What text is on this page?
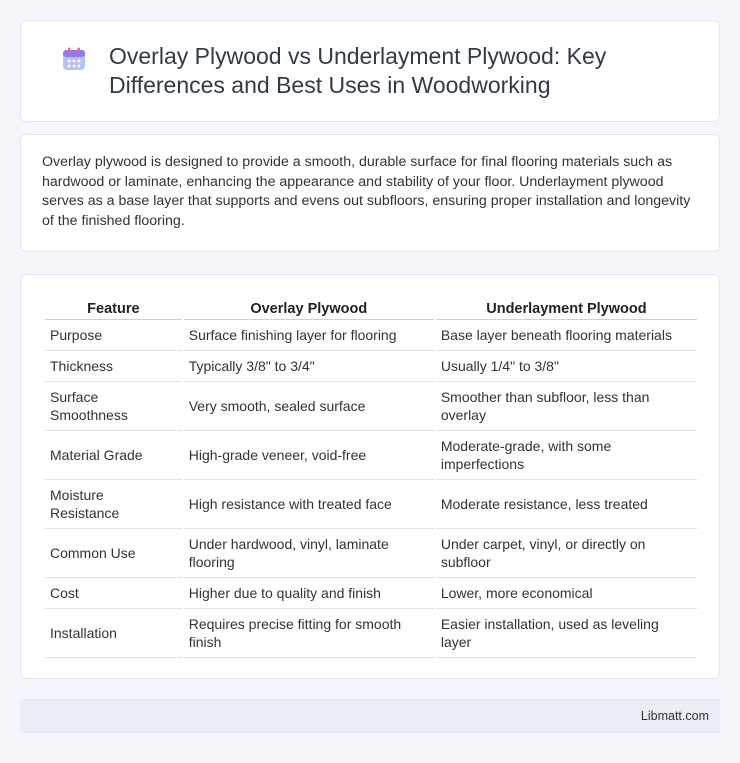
Overlay Plywood vs Underlayment Plywood: Key Differences and Best Uses in Woodworking

Overlay plywood is designed to provide a smooth, durable surface for final flooring materials such as hardwood or laminate, enhancing the appearance and stability of your floor. Underlayment plywood serves as a base layer that supports and evens out subfloors, ensuring proper installation and longevity of the finished flooring.

Feature	Overlay Plywood	Underlayment Plywood
Purpose	Surface finishing layer for flooring	Base layer beneath flooring materials
Thickness	Typically 3/8" to 3/4"	Usually 1/4" to 3/8"
Surface Smoothness	Very smooth, sealed surface	Smoother than subfloor, less than overlay
Material Grade	High-grade veneer, void-free	Moderate-grade, with some imperfections
Moisture Resistance	High resistance with treated face	Moderate resistance, less treated
Common Use	Under hardwood, vinyl, laminate flooring	Under carpet, vinyl, or directly on subfloor
Cost	Higher due to quality and finish	Lower, more economical
Installation	Requires precise fitting for smooth finish	Easier installation, used as leveling layer
Libmatt.com
